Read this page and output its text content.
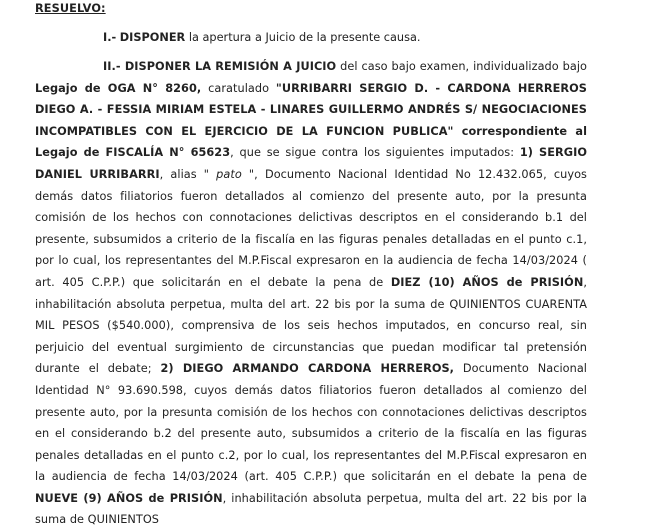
RESUELVO:

I.- DISPONER la apertura a Juicio de la presente causa.

II.- DISPONER LA REMISIÓN A JUICIO del caso bajo examen, individualizado bajo Legajo de OGA N° 8260, caratulado "URRIBARRI SERGIO D. - CARDONA HERREROS DIEGO A. - FESSIA MIRIAM ESTELA - LINARES GUILLERMO ANDRÉS S/ NEGOCIACIONES INCOMPATIBLES CON EL EJERCICIO DE LA FUNCION PUBLICA" correspondiente al Legajo de FISCALÍA N° 65623, que se sigue contra los siguientes imputados: 1) SERGIO DANIEL URRIBARRI, alias " pato ", Documento Nacional Identidad No 12.432.065, cuyos demás datos filiatorios fueron detallados al comienzo del presente auto, por la presunta comisión de los hechos con connotaciones delictivas descriptos en el considerando b.1 del presente, subsumidos a criterio de la fiscalía en las figuras penales detalladas en el punto c.1, por lo cual, los representantes del M.P.Fiscal expresaron en la audiencia de fecha 14/03/2024 ( art. 405 C.P.P.) que solicitarán en el debate la pena de DIEZ (10) AÑOS de PRISIÓN, inhabilitación absoluta perpetua, multa del art. 22 bis por la suma de QUINIENTOS CUARENTA MIL PESOS ($540.000), comprensiva de los seis hechos imputados, en concurso real, sin perjuicio del eventual surgimiento de circunstancias que puedan modificar tal pretensión durante el debate; 2) DIEGO ARMANDO CARDONA HERREROS, Documento Nacional Identidad N° 93.690.598, cuyos demás datos filiatorios fueron detallados al comienzo del presente auto, por la presunta comisión de los hechos con connotaciones delictivas descriptos en el considerando b.2 del presente auto, subsumidos a criterio de la fiscalía en las figuras penales detalladas en el punto c.2, por lo cual, los representantes del M.P.Fiscal expresaron en la audiencia de fecha 14/03/2024 (art. 405 C.P.P.) que solicitarán en el debate la pena de NUEVE (9) AÑOS de PRISIÓN, inhabilitación absoluta perpetua, multa del art. 22 bis por la suma de QUINIENTOS
